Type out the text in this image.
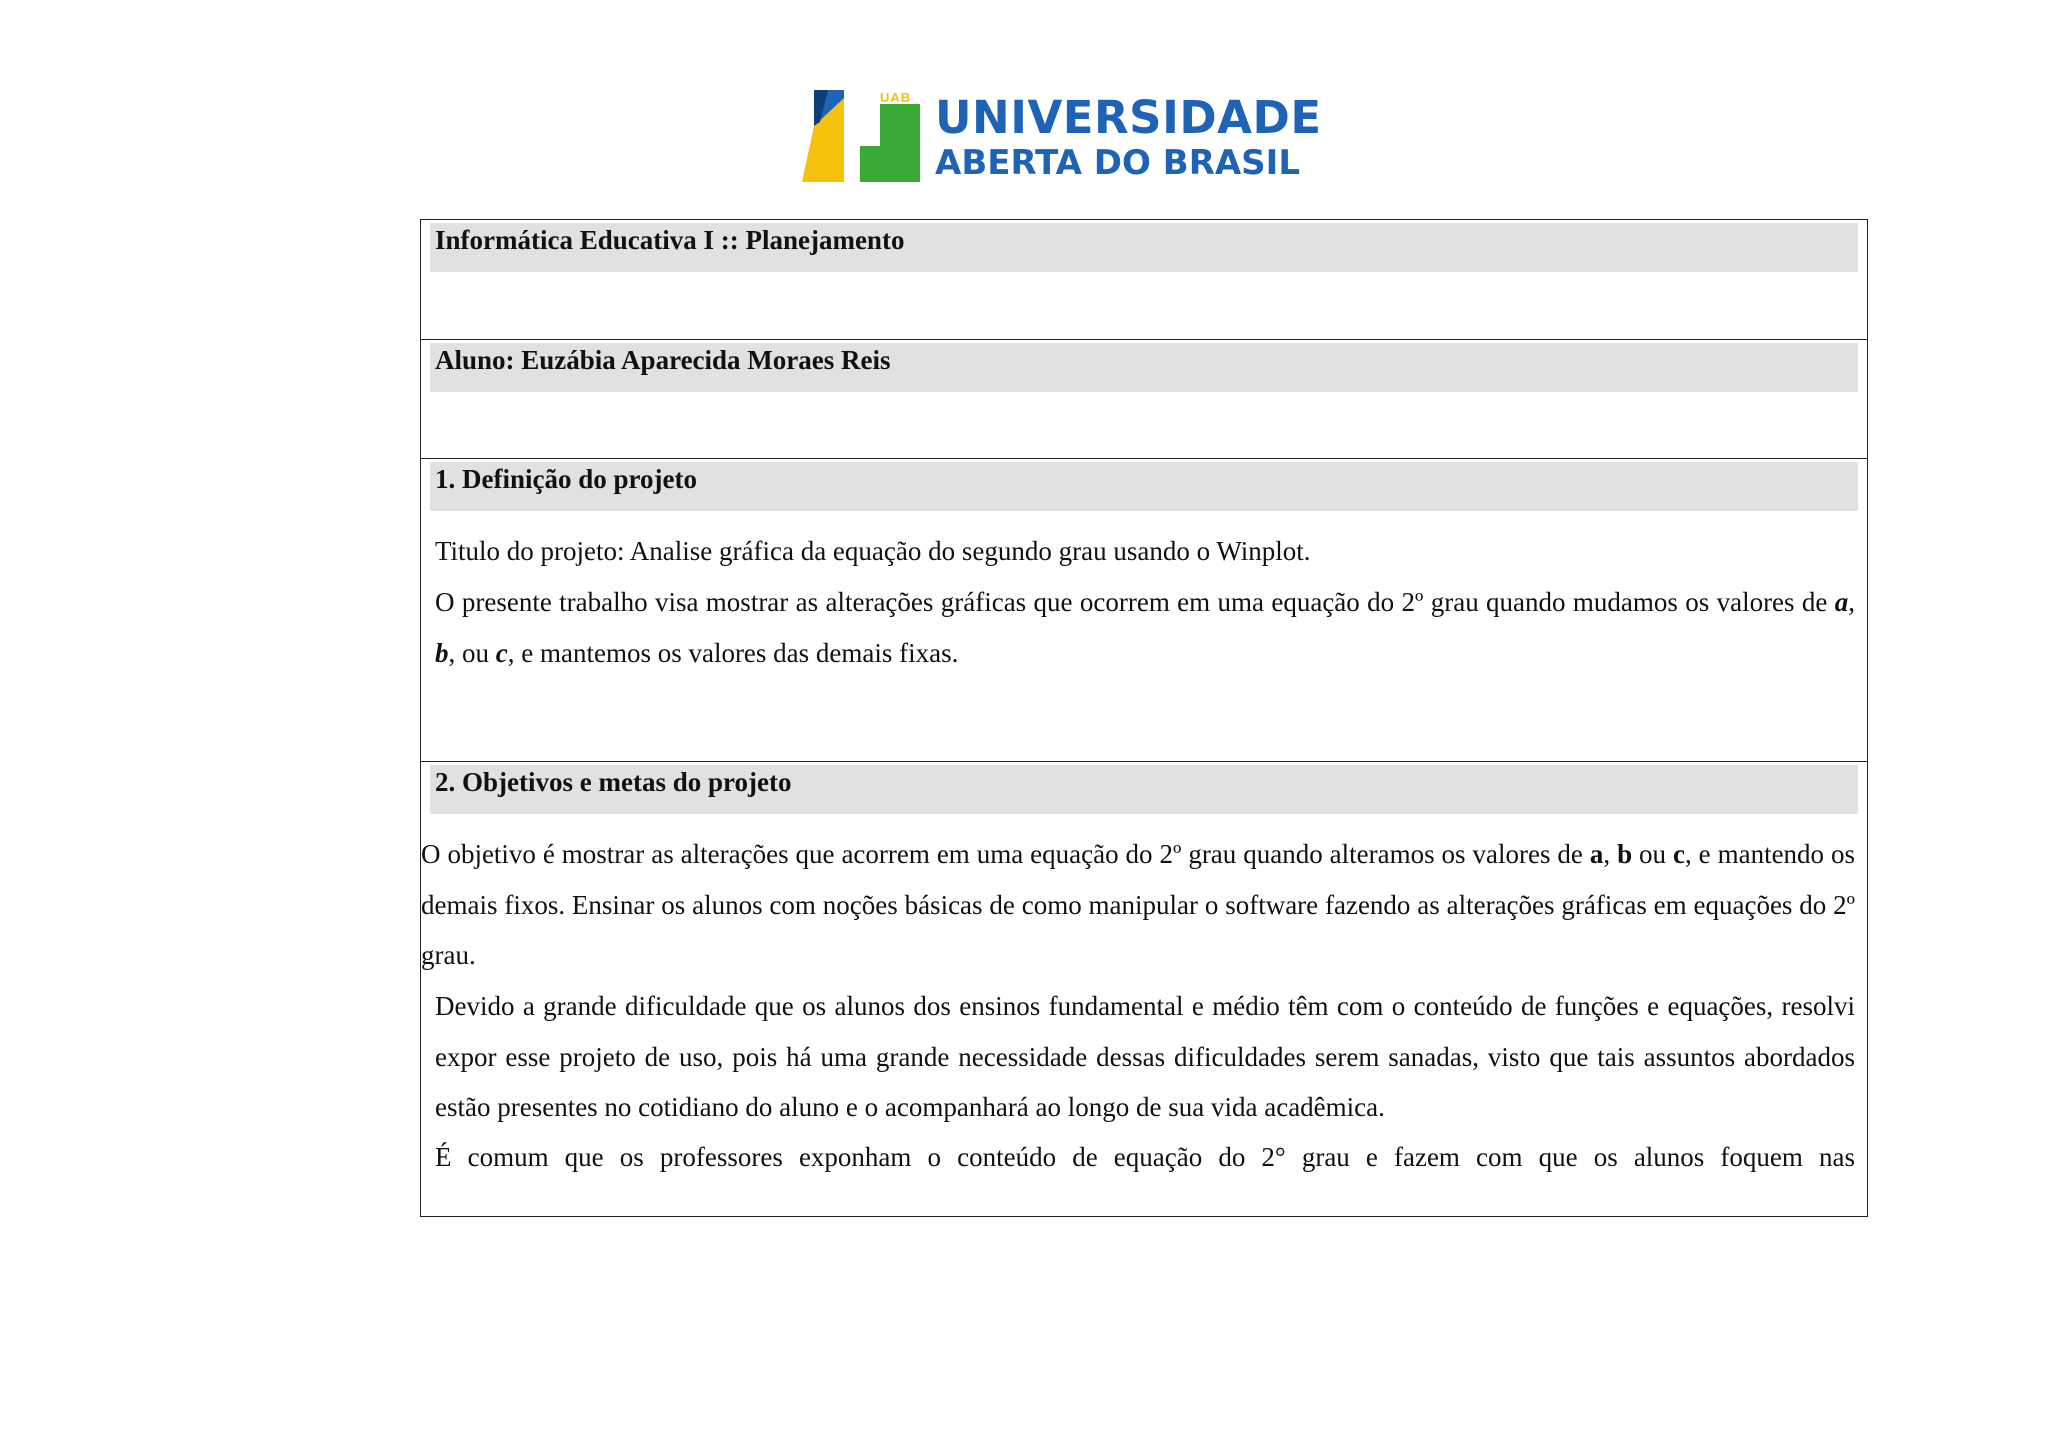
UAB UNIVERSIDADE
ABERTA DO BRASIL
Informática Educativa I :: Planejamento
Aluno: Euzábia Aparecida Moraes Reis
1. Definição do projeto

Titulo do projeto: Analise gráfica da equação do segundo grau usando o Winplot.

O presente trabalho visa mostrar as alterações gráficas que ocorrem em uma equação do 2º grau quando mudamos os valores de a, b, ou c, e mantemos os valores das demais fixas.

2. Objetivos e metas do projeto

O objetivo é mostrar as alterações que acorrem em uma equação do 2º grau quando alteramos os valores de a, b ou c, e mantendo os demais fixos. Ensinar os alunos com noções básicas de como manipular o software fazendo as alterações gráficas em equações do 2º grau.

Devido a grande dificuldade que os alunos dos ensinos fundamental e médio têm com o conteúdo de funções e equações, resolvi expor esse projeto de uso, pois há uma grande necessidade dessas dificuldades serem sanadas, visto que tais assuntos abordados estão presentes no cotidiano do aluno e o acompanhará ao longo de sua vida acadêmica.

É comum que os professores exponham o conteúdo de equação do 2° grau e fazem com que os alunos foquem nas
